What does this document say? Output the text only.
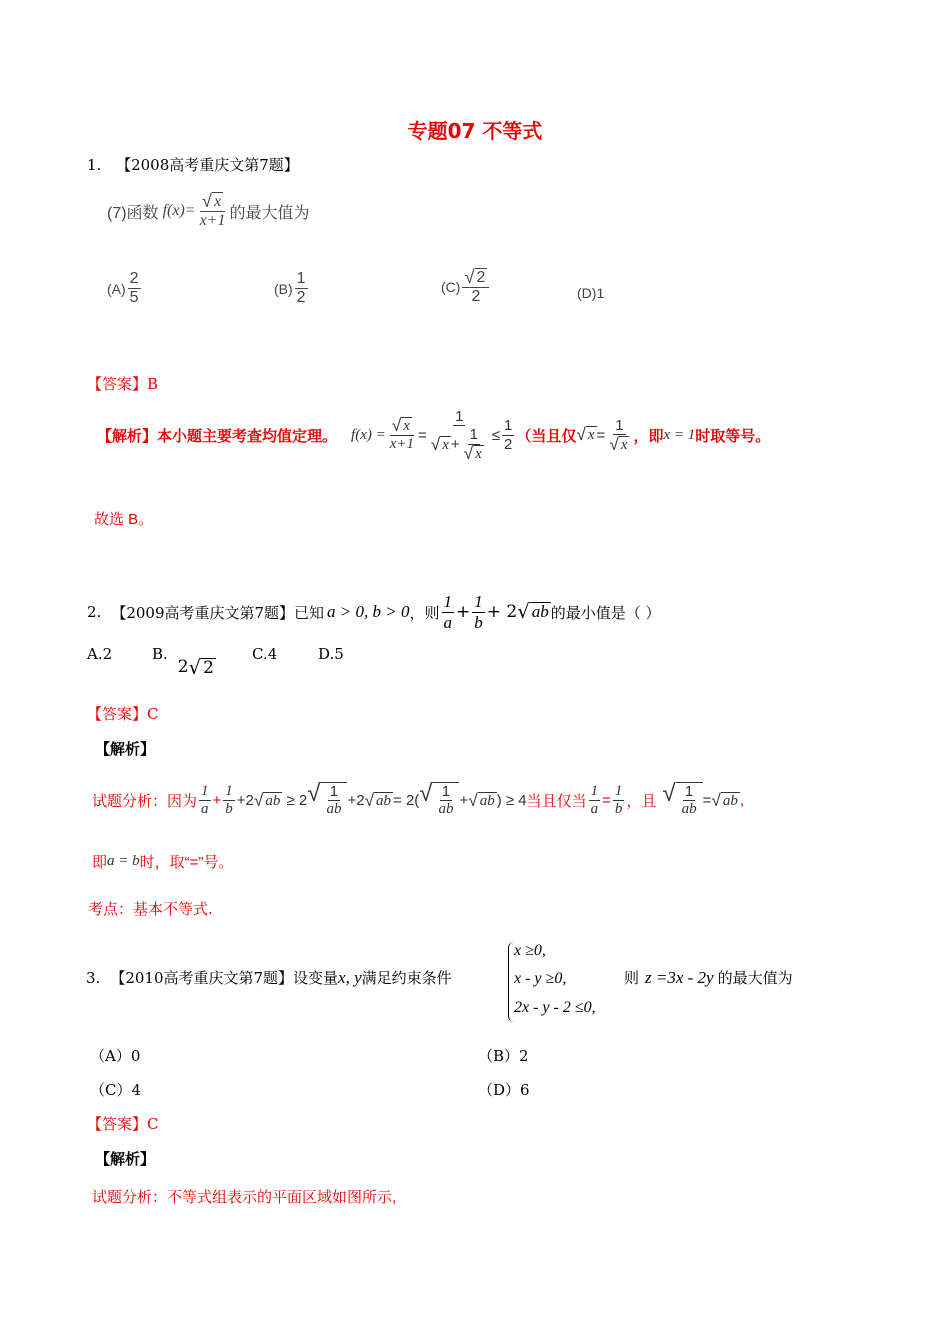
专题07 不等式
1. 【2008高考重庆文第7题】
(7)函数 $f(x)= \frac{√ x}{x+1}$ 的最大值为
$(A) \frac{2}{5}$	$(B) \frac{1}{2}$	$(C) \frac{√ 2}{2}$	(D)1
【答案】B
【解析】 本小题主要考查均值定理。 $f(x) = \frac{√ x}{x+1} = \frac{1}{√ x + \frac{1}{√ x}} \le \frac{1}{2}$ （当且仅 √ $x = \frac{1}{√ x}$ ，即 x = 1 时取等号。
故选 B。
2. 【2009高考重庆文第7题】 已知 a > 0, b > 0 ，则 $\frac{1}{a} + \frac{1}{b} + 2$ √ ab 的最小值是（ ）
A.2	B.
2 √ 2
C.4	D.5
【答案】C
【解析】
试题分析：因为 $\frac{1}{a} + \frac{1}{b} +2$ √ ab ≥ 2 √ $\frac{1}{ab} +2$ √ ab = 2( √ $\frac{1}{ab}$ + √ ab ) ≥ 4 当且仅当 $\frac{1}{a} = \frac{1}{b}$ ，且 √ $\frac{1}{ab}$ = √ ab ,
即 a = b 时，取“=”号。
考点：基本不等式.
3. 【2010高考重庆文第7题】 设变量 x, y 满足约束条件
x ≥0,
x - y ≥0,
2x - y - 2 ≤0,
则 z =3x - 2y 的最大值为
（A）0	（B）2
（C）4	（D）6
【答案】C
【解析】
试题分析：不等式组表示的平面区域如图所示,
